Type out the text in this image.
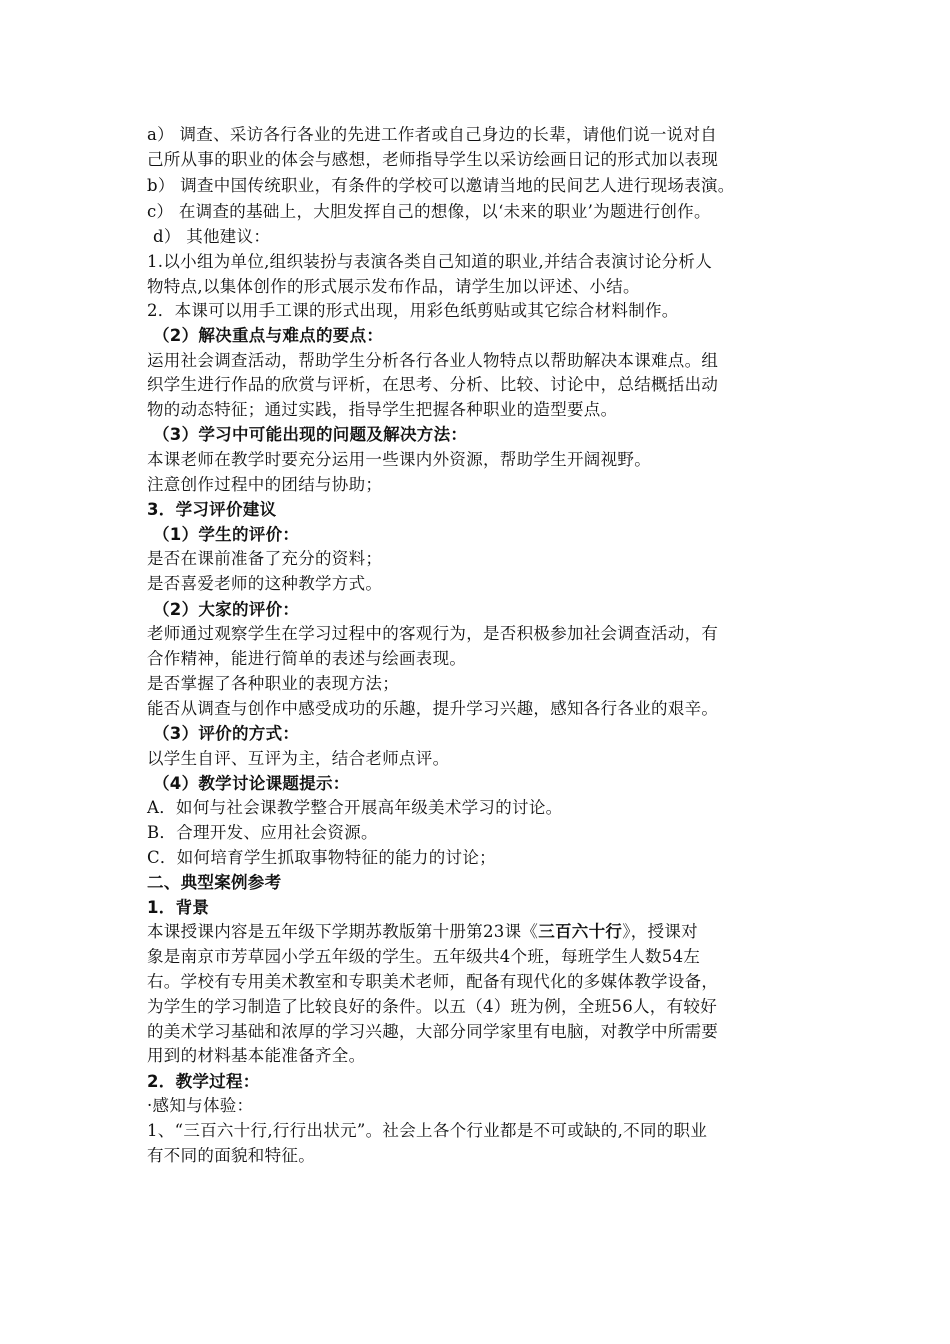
a） 调查、采访各行各业的先进工作者或自己身边的长辈，请他们说一说对自
己所从事的职业的体会与感想，老师指导学生以采访绘画日记的形式加以表现
b） 调查中国传统职业，有条件的学校可以邀请当地的民间艺人进行现场表演。
c） 在调查的基础上，大胆发挥自己的想像，以‘未来的职业’为题进行创作。
d） 其他建议：
1.以小组为单位,组织装扮与表演各类自己知道的职业,并结合表演讨论分析人
物特点,以集体创作的形式展示发布作品，请学生加以评述、小结。
2．本课可以用手工课的形式出现，用彩色纸剪贴或其它综合材料制作。
（2）解决重点与难点的要点：
运用社会调查活动，帮助学生分析各行各业人物特点以帮助解决本课难点。组
织学生进行作品的欣赏与评析，在思考、分析、比较、讨论中，总结概括出动
物的动态特征；通过实践，指导学生把握各种职业的造型要点。
（3）学习中可能出现的问题及解决方法：
本课老师在教学时要充分运用一些课内外资源，帮助学生开阔视野。
注意创作过程中的团结与协助；
3．学习评价建议
（1）学生的评价：
是否在课前准备了充分的资料；
是否喜爱老师的这种教学方式。
（2）大家的评价：
老师通过观察学生在学习过程中的客观行为，是否积极参加社会调查活动，有
合作精神，能进行简单的表述与绘画表现。
是否掌握了各种职业的表现方法；
能否从调查与创作中感受成功的乐趣，提升学习兴趣，感知各行各业的艰辛。
（3）评价的方式：
以学生自评、互评为主，结合老师点评。
（4）教学讨论课题提示：
A．如何与社会课教学整合开展高年级美术学习的讨论。
B．合理开发、应用社会资源。
C．如何培育学生抓取事物特征的能力的讨论；
二、典型案例参考
1．背景
本课授课内容是五年级下学期苏教版第十册第23课《三百六十行》，授课对
象是南京市芳草园小学五年级的学生。五年级共4个班，每班学生人数54左
右。学校有专用美术教室和专职美术老师，配备有现代化的多媒体教学设备，
为学生的学习制造了比较良好的条件。以五（4）班为例，全班56人，有较好
的美术学习基础和浓厚的学习兴趣，大部分同学家里有电脑，对教学中所需要
用到的材料基本能准备齐全。
2．教学过程：
·感知与体验：
1、“三百六十行,行行出状元”。社会上各个行业都是不可或缺的,不同的职业
有不同的面貌和特征。
